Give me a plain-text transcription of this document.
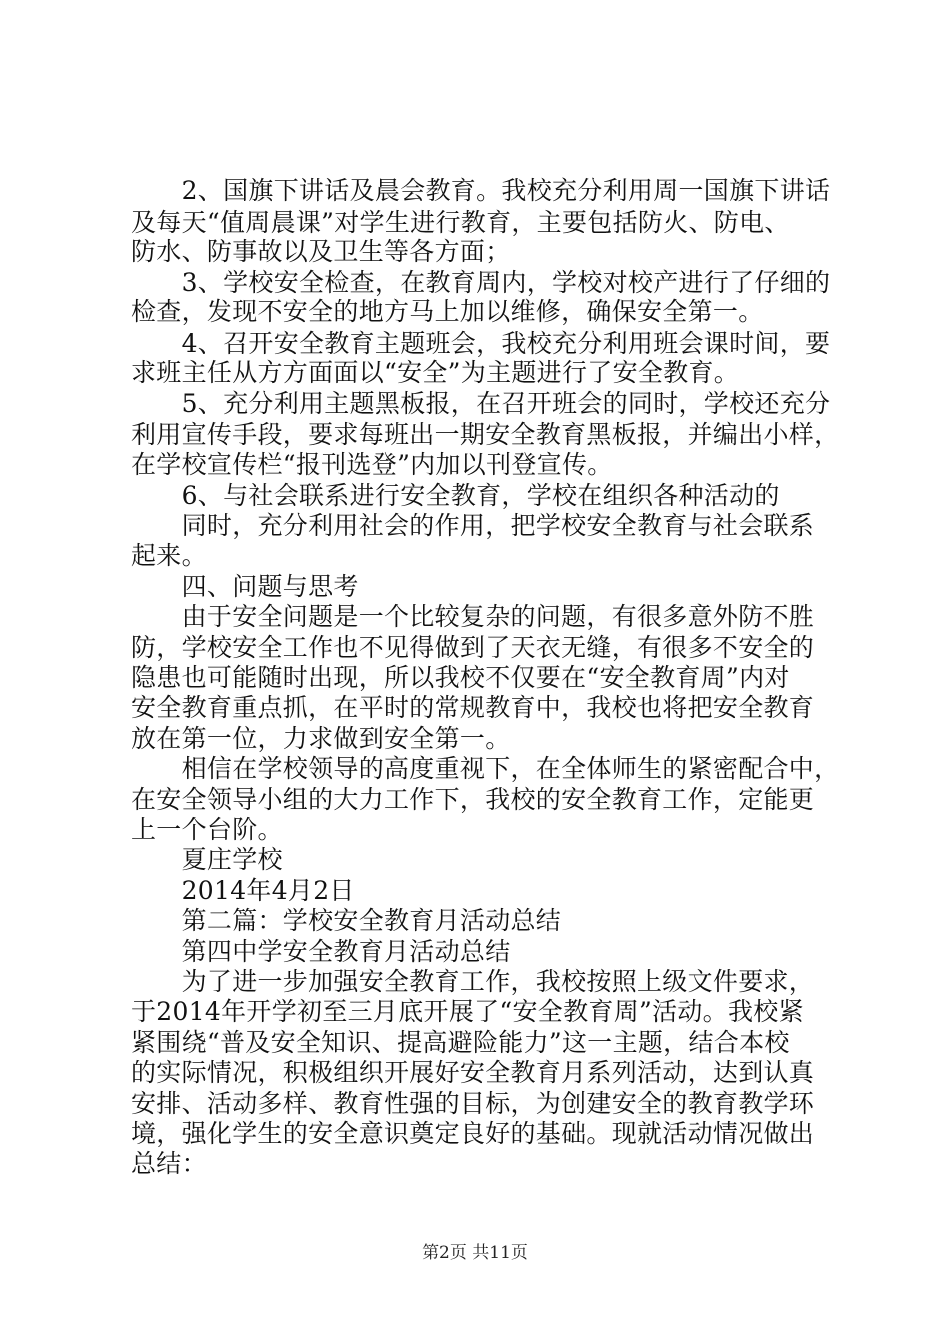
　　2、国旗下讲话及晨会教育。我校充分利用周一国旗下讲话
及每天“值周晨课”对学生进行教育，主要包括防火、防电、
防水、防事故以及卫生等各方面；
　　3、学校安全检查，在教育周内，学校对校产进行了仔细的
检查，发现不安全的地方马上加以维修，确保安全第一。
　　4、召开安全教育主题班会，我校充分利用班会课时间，要
求班主任从方方面面以“安全”为主题进行了安全教育。
　　5、充分利用主题黑板报，在召开班会的同时，学校还充分
利用宣传手段，要求每班出一期安全教育黑板报，并编出小样，
在学校宣传栏“报刊选登”内加以刊登宣传。
　　6、与社会联系进行安全教育，学校在组织各种活动的
　　同时，充分利用社会的作用，把学校安全教育与社会联系
起来。
　　四、问题与思考
　　由于安全问题是一个比较复杂的问题，有很多意外防不胜
防，学校安全工作也不见得做到了天衣无缝，有很多不安全的
隐患也可能随时出现，所以我校不仅要在“安全教育周”内对
安全教育重点抓，在平时的常规教育中，我校也将把安全教育
放在第一位，力求做到安全第一。
　　相信在学校领导的高度重视下，在全体师生的紧密配合中，
在安全领导小组的大力工作下，我校的安全教育工作，定能更
上一个台阶。
　　夏庄学校
　　2014年4月2日
　　第二篇：学校安全教育月活动总结
　　第四中学安全教育月活动总结
　　为了进一步加强安全教育工作，我校按照上级文件要求，
于2014年开学初至三月底开展了“安全教育周”活动。我校紧
紧围绕“普及安全知识、提高避险能力”这一主题，结合本校
的实际情况，积极组织开展好安全教育月系列活动，达到认真
安排、活动多样、教育性强的目标，为创建安全的教育教学环
境，强化学生的安全意识奠定良好的基础。现就活动情况做出
总结：
第2页 共11页
